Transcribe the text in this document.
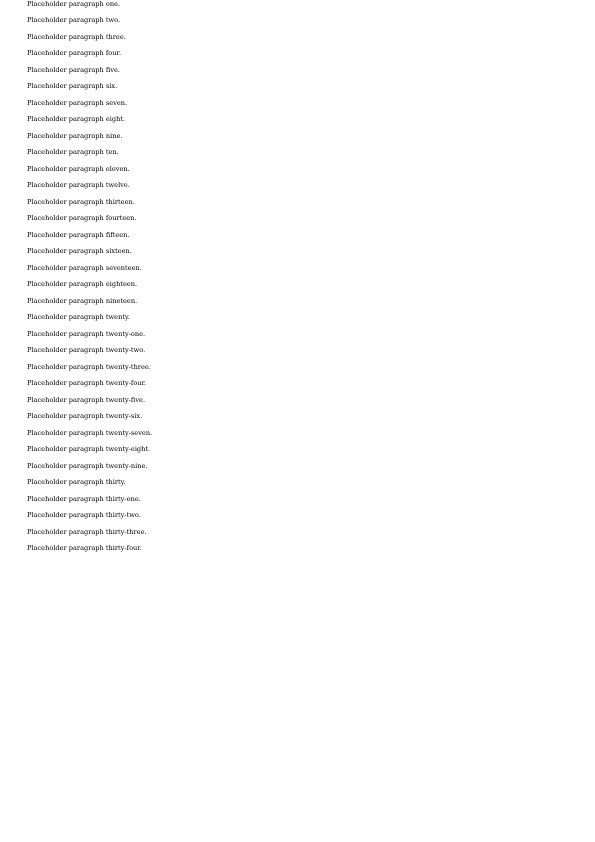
Placeholder paragraph one.

Placeholder paragraph two.

Placeholder paragraph three.

Placeholder paragraph four.

Placeholder paragraph five.

Placeholder paragraph six.

Placeholder paragraph seven.

Placeholder paragraph eight.

Placeholder paragraph nine.

Placeholder paragraph ten.

Placeholder paragraph eleven.

Placeholder paragraph twelve.

Placeholder paragraph thirteen.

Placeholder paragraph fourteen.

Placeholder paragraph fifteen.

Placeholder paragraph sixteen.

Placeholder paragraph seventeen.

Placeholder paragraph eighteen.

Placeholder paragraph nineteen.

Placeholder paragraph twenty.

Placeholder paragraph twenty-one.

Placeholder paragraph twenty-two.

Placeholder paragraph twenty-three.

Placeholder paragraph twenty-four.

Placeholder paragraph twenty-five.

Placeholder paragraph twenty-six.

Placeholder paragraph twenty-seven.

Placeholder paragraph twenty-eight.

Placeholder paragraph twenty-nine.

Placeholder paragraph thirty.

Placeholder paragraph thirty-one.

Placeholder paragraph thirty-two.

Placeholder paragraph thirty-three.

Placeholder paragraph thirty-four.
